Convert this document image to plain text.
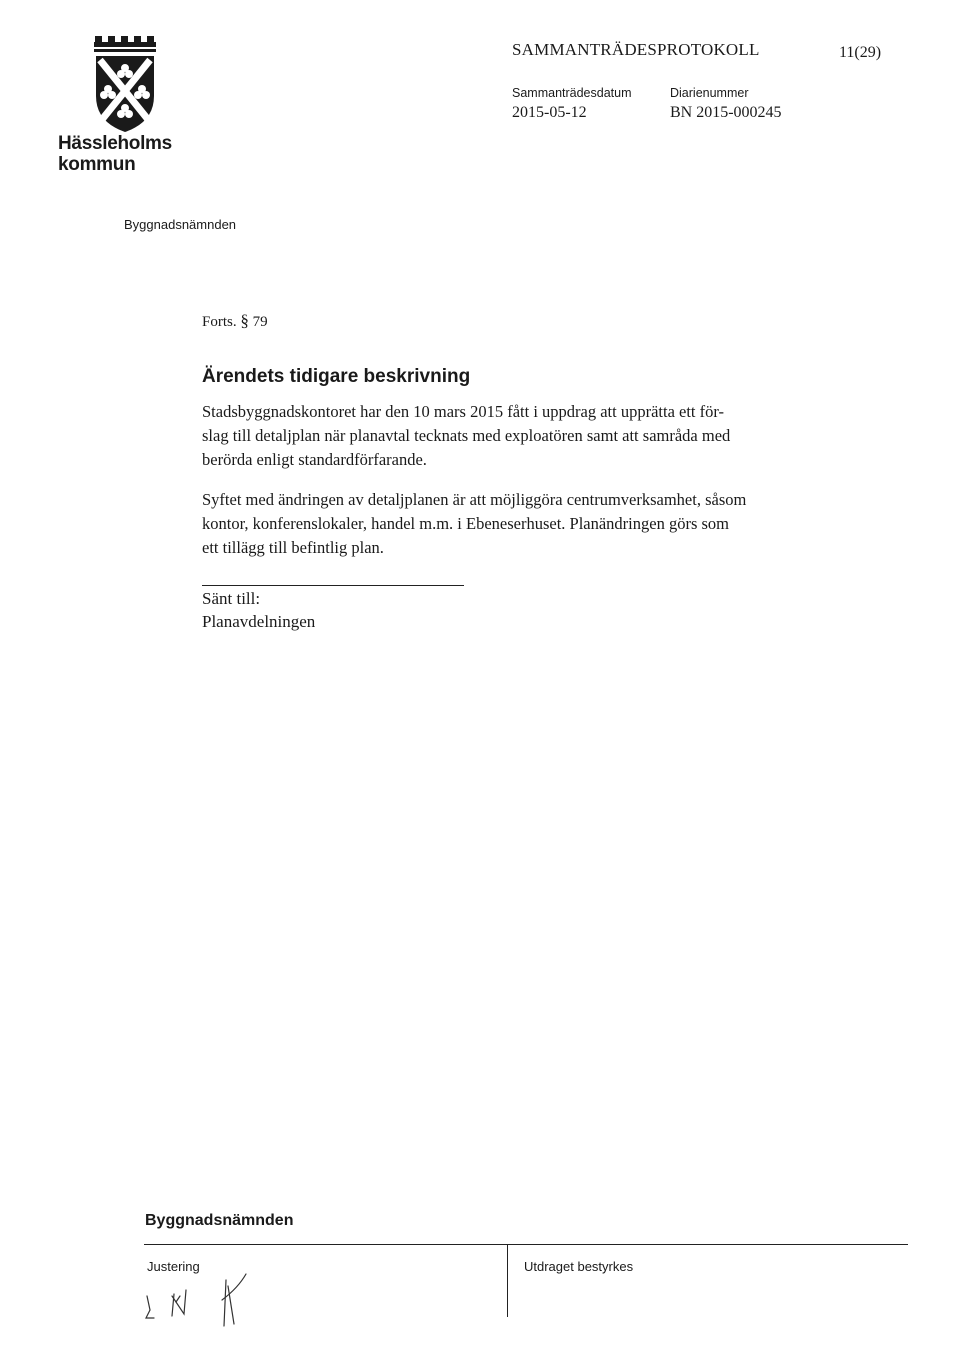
Hässleholms
kommun
SAMMANTRÄDESPROTOKOLL	11(29)
Sammanträdesdatum
2015-05-12
Diarienummer
BN 2015-000245
Byggnadsnämnden
Forts. § 79
Ärendets tidigare beskrivning
Stadsbyggnadskontoret har den 10 mars 2015 fått i uppdrag att upprätta ett för-
slag till detaljplan när planavtal tecknats med exploatören samt att samråda med
berörda enligt standardförfarande.
Syftet med ändringen av detaljplanen är att möjliggöra centrumverksamhet, såsom
kontor, konferenslokaler, handel m.m. i Ebeneserhuset. Planändringen görs som
ett tillägg till befintlig plan.
Sänt till:
Planavdelningen
Byggnadsnämnden
Justering	Utdraget bestyrkes
